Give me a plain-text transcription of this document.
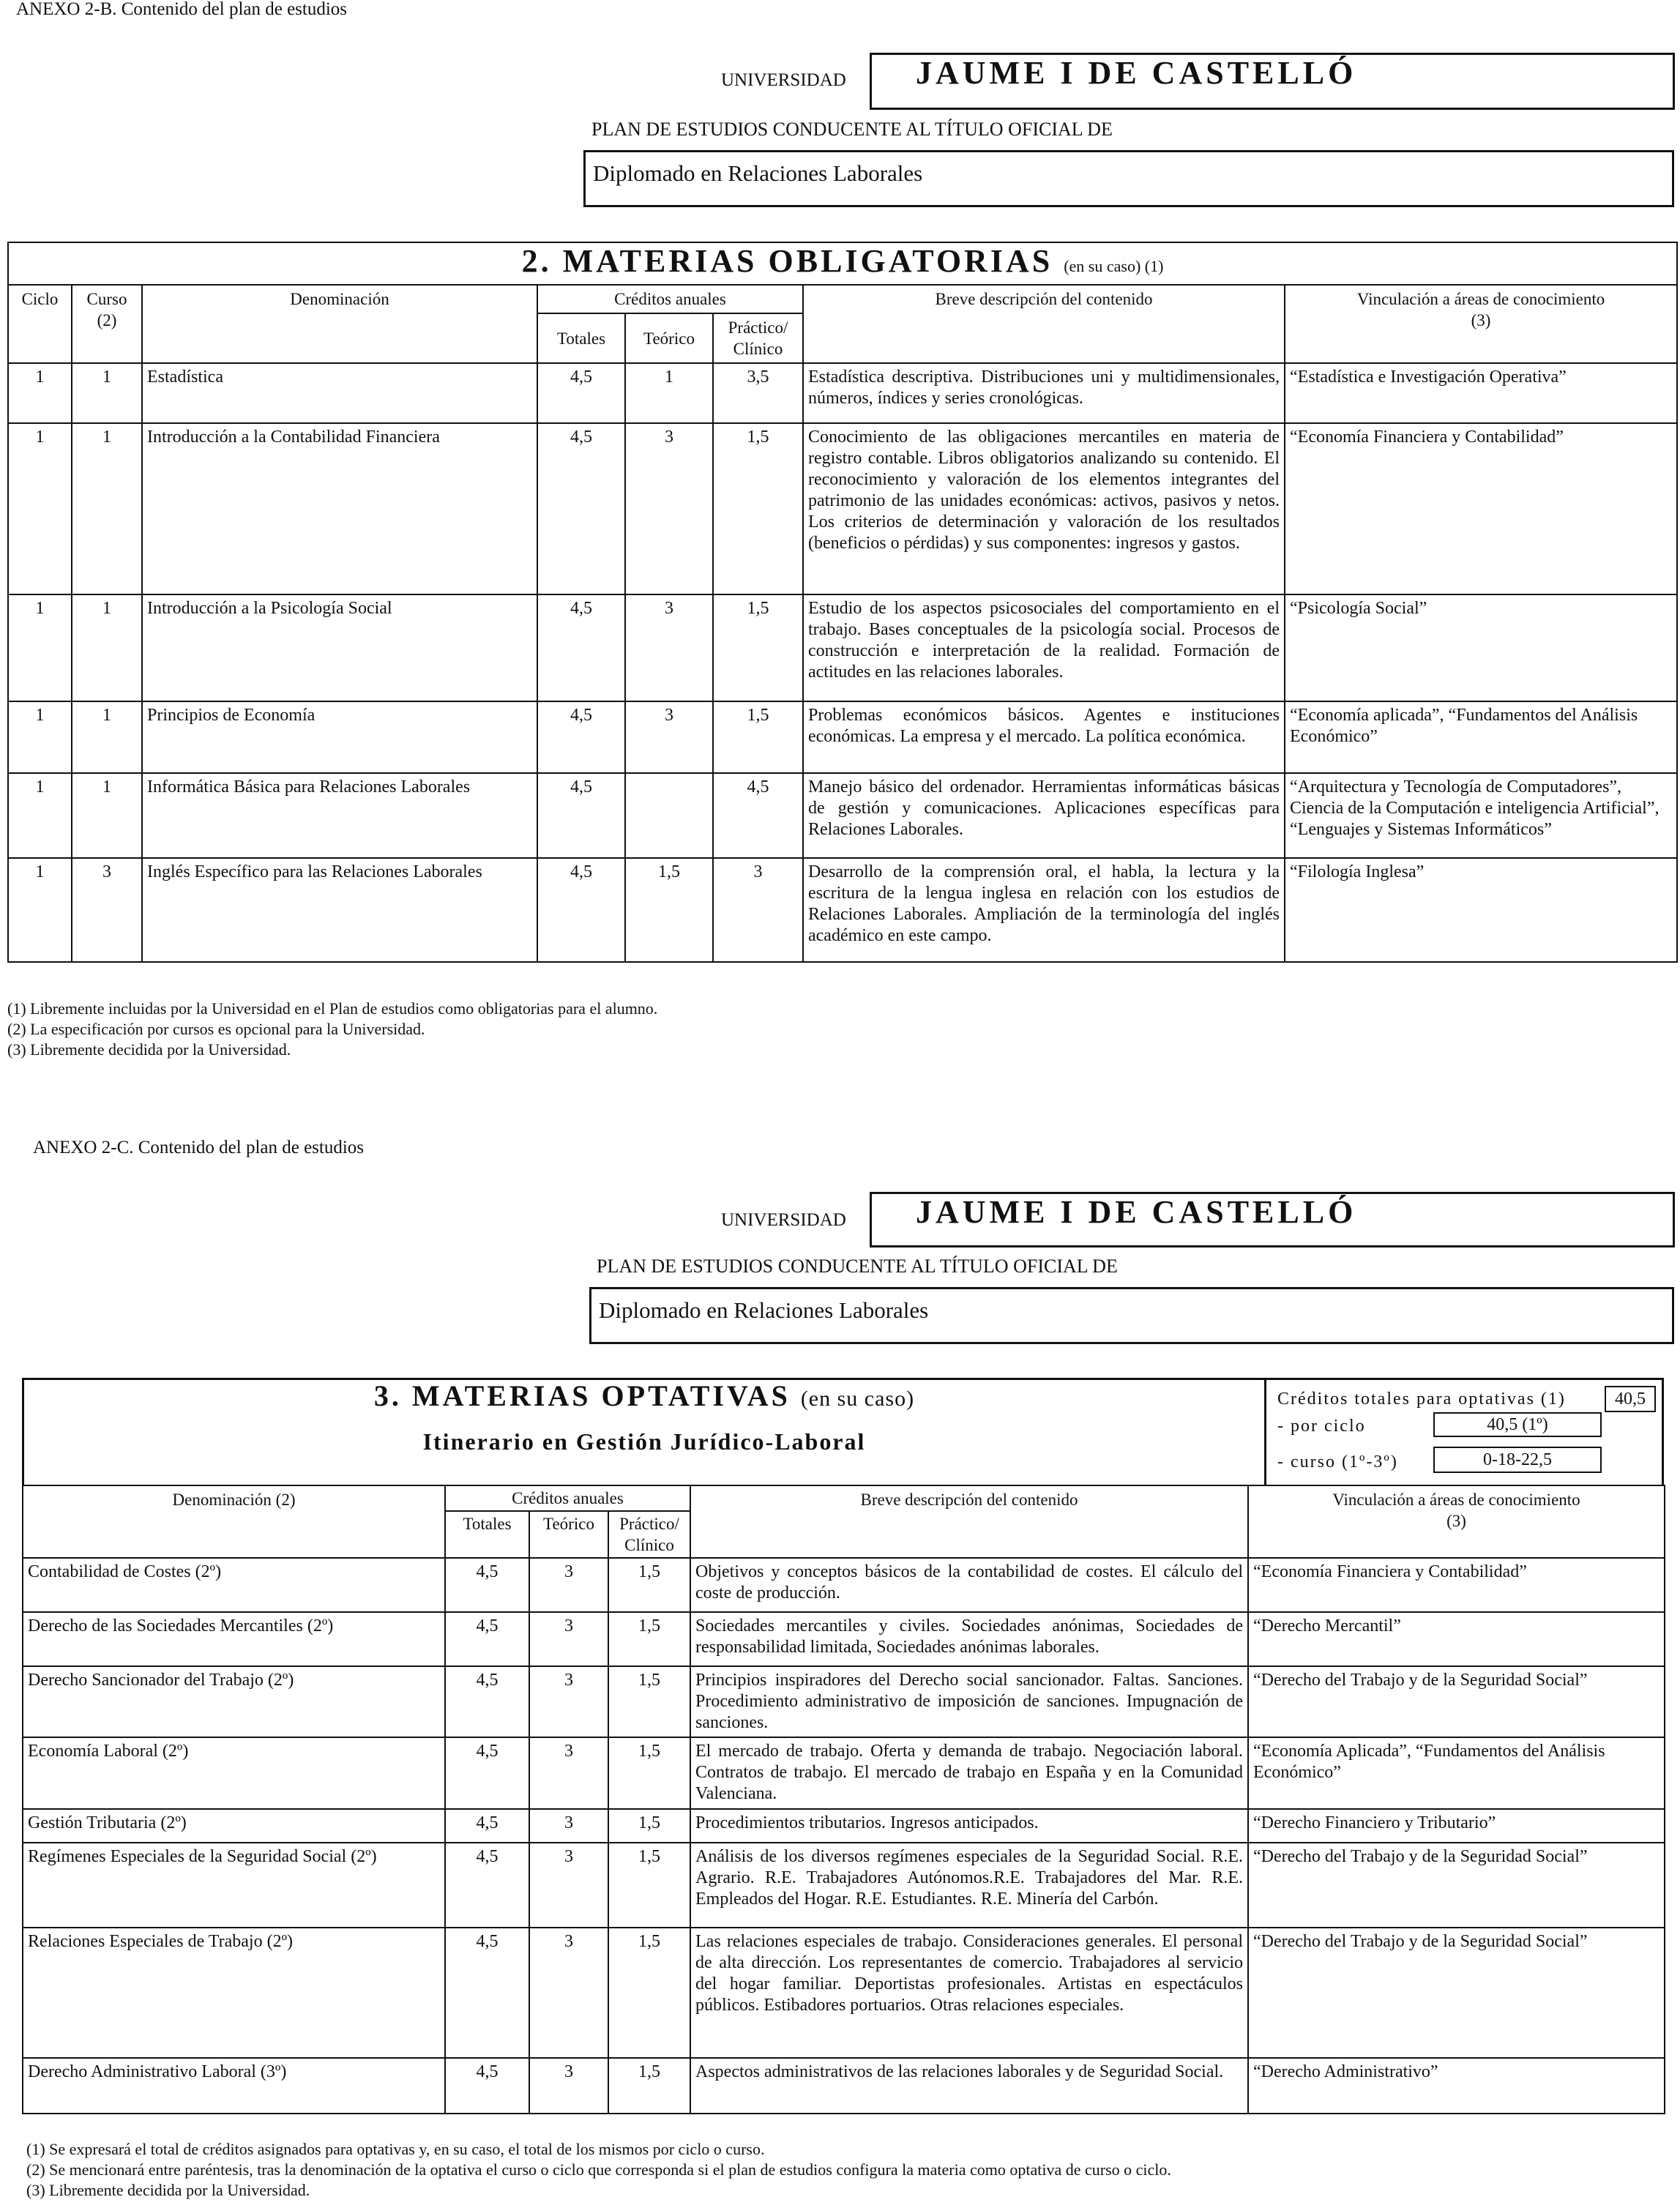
ANEXO 2-B. Contenido del plan de estudios
UNIVERSIDAD	JAUME I DE CASTELLÓ
PLAN DE ESTUDIOS CONDUCENTE AL TÍTULO OFICIAL DE
Diplomado en Relaciones Laborales
2. MATERIAS OBLIGATORIAS (en su caso) (1)							
Ciclo	Curso
(2)	Denominación	Créditos anuales			Breve descripción del contenido	Vinculación a áreas de conocimiento
(3)
			Totales	Teórico	Práctico/ Clínico		
1	1	Estadística	4,5	1	3,5	Estadística descriptiva. Distribuciones uni y multidimensionales, números, índices y series cronológicas.	“Estadística e Investigación Operativa”
1	1	Introducción a la Contabilidad Financiera	4,5	3	1,5	Conocimiento de las obligaciones mercantiles en materia de registro contable. Libros obligatorios analizando su contenido. El reconocimiento y valoración de los elementos integrantes del patrimonio de las unidades económicas: activos, pasivos y netos. Los criterios de determinación y valoración de los resultados (beneficios o pérdidas) y sus componentes: ingresos y gastos.	“Economía Financiera y Contabilidad”
1	1	Introducción a la Psicología Social	4,5	3	1,5	Estudio de los aspectos psicosociales del comportamiento en el trabajo. Bases conceptuales de la psicología social. Procesos de construcción e interpretación de la realidad. Formación de actitudes en las relaciones laborales.	“Psicología Social”
1	1	Principios de Economía	4,5	3	1,5	Problemas económicos básicos. Agentes e instituciones económicas. La empresa y el mercado. La política económica.	“Economía aplicada”, “Fundamentos del Análisis Económico”
1	1	Informática Básica para Relaciones Laborales	4,5		4,5	Manejo básico del ordenador. Herramientas informáticas básicas de gestión y comunicaciones. Aplicaciones específicas para Relaciones Laborales.	“Arquitectura y Tecnología de Computadores”, Ciencia de la Computación e inteligencia Artificial”, “Lenguajes y Sistemas Informáticos”
1	3	Inglés Específico para las Relaciones Laborales	4,5	1,5	3	Desarrollo de la comprensión oral, el habla, la lectura y la escritura de la lengua inglesa en relación con los estudios de Relaciones Laborales. Ampliación de la terminología del inglés académico en este campo.	“Filología Inglesa”
(1) Libremente incluidas por la Universidad en el Plan de estudios como obligatorias para el alumno.
(2) La especificación por cursos es opcional para la Universidad.
(3) Libremente decidida por la Universidad.
ANEXO 2-C. Contenido del plan de estudios
UNIVERSIDAD	JAUME I DE CASTELLÓ
PLAN DE ESTUDIOS CONDUCENTE AL TÍTULO OFICIAL DE
Diplomado en Relaciones Laborales
3. MATERIAS OPTATIVAS (en su caso)
Itinerario en Gestión Jurídico-Laboral
Créditos totales para optativas (1)	40,5
- por ciclo	40,5 (1º)
- curso (1º-3º)	0-18-22,5
Denominación (2)	Créditos anuales			Breve descripción del contenido	Vinculación a áreas de conocimiento
(3)
	Totales	Teórico	Práctico/ Clínico		
Contabilidad de Costes (2º)	4,5	3	1,5	Objetivos y conceptos básicos de la contabilidad de costes. El cálculo del coste de producción.	“Economía Financiera y Contabilidad”
Derecho de las Sociedades Mercantiles (2º)	4,5	3	1,5	Sociedades mercantiles y civiles. Sociedades anónimas, Sociedades de responsabilidad limitada, Sociedades anónimas laborales.	“Derecho Mercantil”
Derecho Sancionador del Trabajo (2º)	4,5	3	1,5	Principios inspiradores del Derecho social sancionador. Faltas. Sanciones. Procedimiento administrativo de imposición de sanciones. Impugnación de sanciones.	“Derecho del Trabajo y de la Seguridad Social”
Economía Laboral (2º)	4,5	3	1,5	El mercado de trabajo. Oferta y demanda de trabajo. Negociación laboral. Contratos de trabajo. El mercado de trabajo en España y en la Comunidad Valenciana.	“Economía Aplicada”, “Fundamentos del Análisis Económico”
Gestión Tributaria (2º)	4,5	3	1,5	Procedimientos tributarios. Ingresos anticipados.	“Derecho Financiero y Tributario”
Regímenes Especiales de la Seguridad Social (2º)	4,5	3	1,5	Análisis de los diversos regímenes especiales de la Seguridad Social. R.E. Agrario. R.E. Trabajadores Autónomos.R.E. Trabajadores del Mar. R.E. Empleados del Hogar. R.E. Estudiantes. R.E. Minería del Carbón.	“Derecho del Trabajo y de la Seguridad Social”
Relaciones Especiales de Trabajo (2º)	4,5	3	1,5	Las relaciones especiales de trabajo. Consideraciones generales. El personal de alta dirección. Los representantes de comercio. Trabajadores al servicio del hogar familiar. Deportistas profesionales. Artistas en espectáculos públicos. Estibadores portuarios. Otras relaciones especiales.	“Derecho del Trabajo y de la Seguridad Social”
Derecho Administrativo Laboral (3º)	4,5	3	1,5	Aspectos administrativos de las relaciones laborales y de Seguridad Social.	“Derecho Administrativo”
(1) Se expresará el total de créditos asignados para optativas y, en su caso, el total de los mismos por ciclo o curso.
(2) Se mencionará entre paréntesis, tras la denominación de la optativa el curso o ciclo que corresponda si el plan de estudios configura la materia como optativa de curso o ciclo.
(3) Libremente decidida por la Universidad.
